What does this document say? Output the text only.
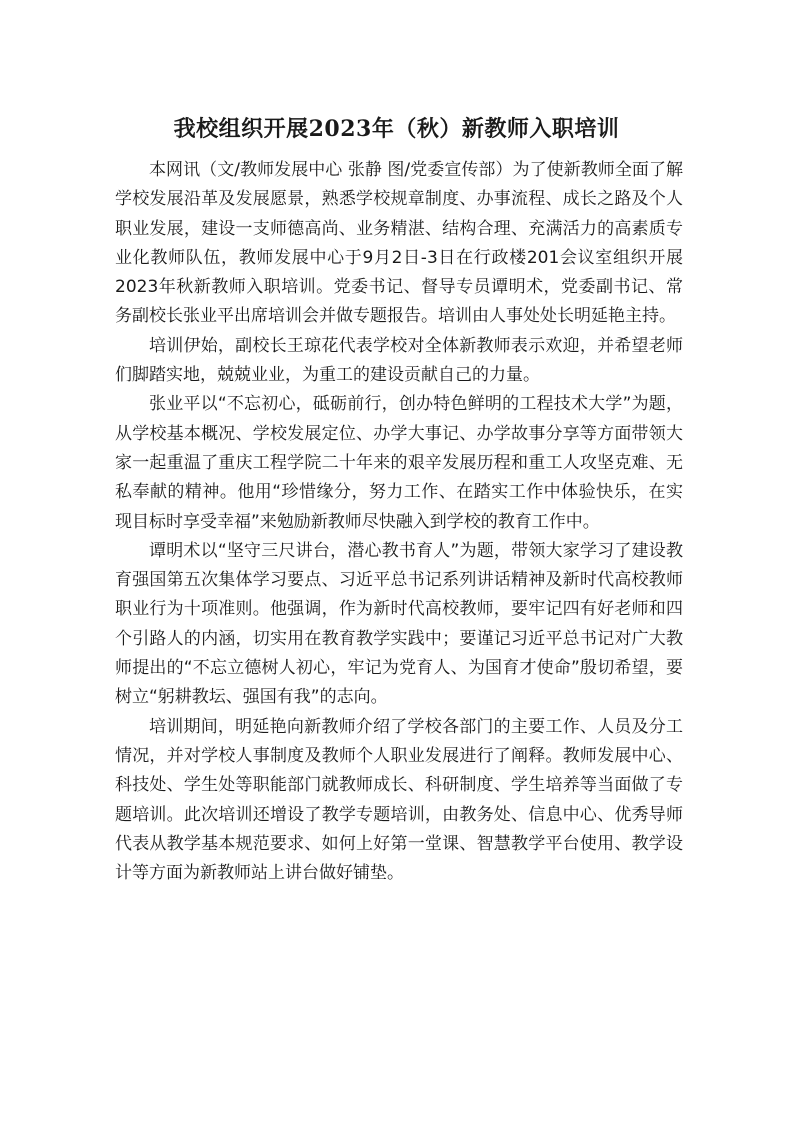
我校组织开展2023年（秋）新教师入职培训

本网讯（文/教师发展中心 张静 图/党委宣传部）为了使新教师全面了解学校发展沿革及发展愿景，熟悉学校规章制度、办事流程、成长之路及个人职业发展，建设一支师德高尚、业务精湛、结构合理、充满活力的高素质专业化教师队伍，教师发展中心于9月2日-3日在行政楼201会议室组织开展2023年秋新教师入职培训。党委书记、督导专员谭明术，党委副书记、常务副校长张业平出席培训会并做专题报告。培训由人事处处长明延艳主持。

培训伊始，副校长王琼花代表学校对全体新教师表示欢迎，并希望老师们脚踏实地，兢兢业业，为重工的建设贡献自己的力量。

张业平以“不忘初心，砥砺前行，创办特色鲜明的工程技术大学”为题，从学校基本概况、学校发展定位、办学大事记、办学故事分享等方面带领大家一起重温了重庆工程学院二十年来的艰辛发展历程和重工人攻坚克难、无私奉献的精神。他用“珍惜缘分，努力工作、在踏实工作中体验快乐，在实现目标时享受幸福”来勉励新教师尽快融入到学校的教育工作中。

谭明术以“坚守三尺讲台，潜心教书育人”为题，带领大家学习了建设教育强国第五次集体学习要点、习近平总书记系列讲话精神及新时代高校教师职业行为十项准则。他强调，作为新时代高校教师，要牢记四有好老师和四个引路人的内涵，切实用在教育教学实践中；要谨记习近平总书记对广大教师提出的“不忘立德树人初心，牢记为党育人、为国育才使命”殷切希望，要树立“躬耕教坛、强国有我”的志向。

培训期间，明延艳向新教师介绍了学校各部门的主要工作、人员及分工情况，并对学校人事制度及教师个人职业发展进行了阐释。教师发展中心、科技处、学生处等职能部门就教师成长、科研制度、学生培养等当面做了专题培训。此次培训还增设了教学专题培训，由教务处、信息中心、优秀导师代表从教学基本规范要求、如何上好第一堂课、智慧教学平台使用、教学设计等方面为新教师站上讲台做好铺垫。
